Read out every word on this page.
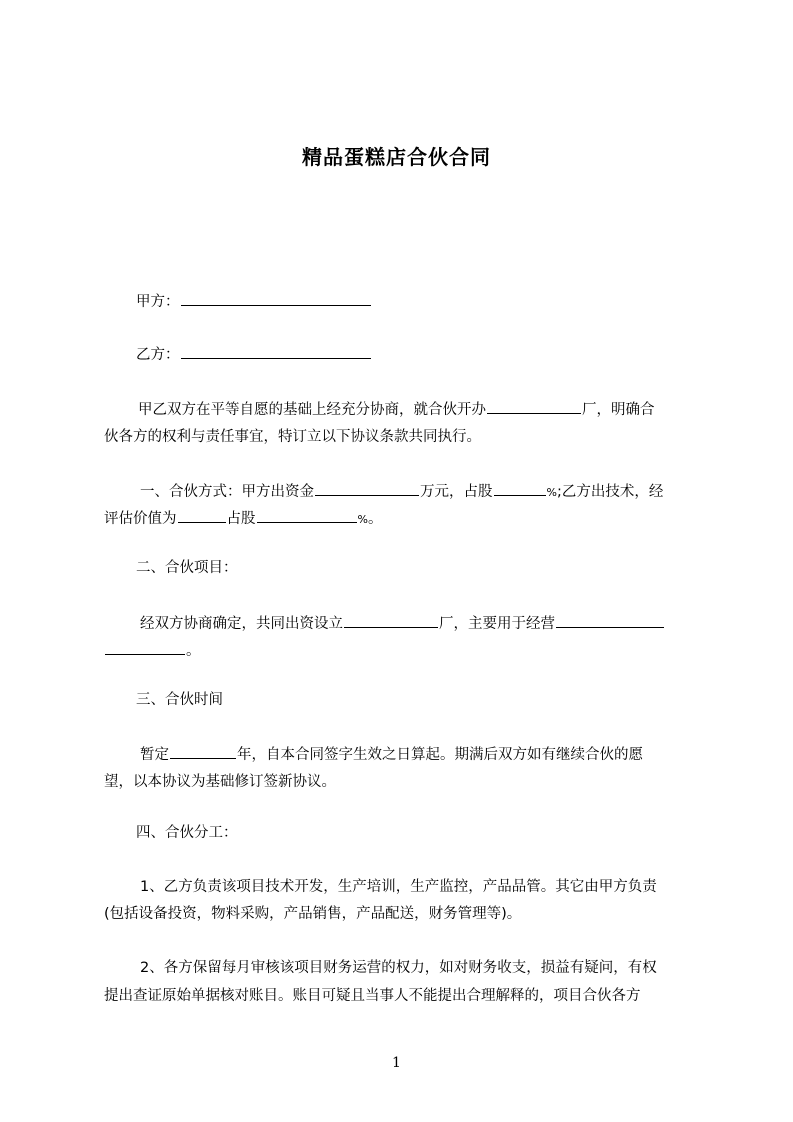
精品蛋糕店合伙合同
甲方：
乙方：
甲乙双方在平等自愿的基础上经充分协商，就合伙开办	厂，明确合
伙各方的权利与责任事宜，特订立以下协议条款共同执行。
一、合伙方式：甲方出资金	万元，占股	%;乙方出技术，经
评估价值为	占股	%。
二、合伙项目：
经双方协商确定，共同出资设立	厂，主要用于经营
。
三、合伙时间
暂定	年，自本合同签字生效之日算起。期满后双方如有继续合伙的愿
望，以本协议为基础修订签新协议。
四、合伙分工：
1、乙方负责该项目技术开发，生产培训，生产监控，产品品管。其它由甲方负责
(包括设备投资，物料采购，产品销售，产品配送，财务管理等)。
2、各方保留每月审核该项目财务运营的权力，如对财务收支，损益有疑问，有权
提出查证原始单据核对账目。账目可疑且当事人不能提出合理解释的，项目合伙各方
1
